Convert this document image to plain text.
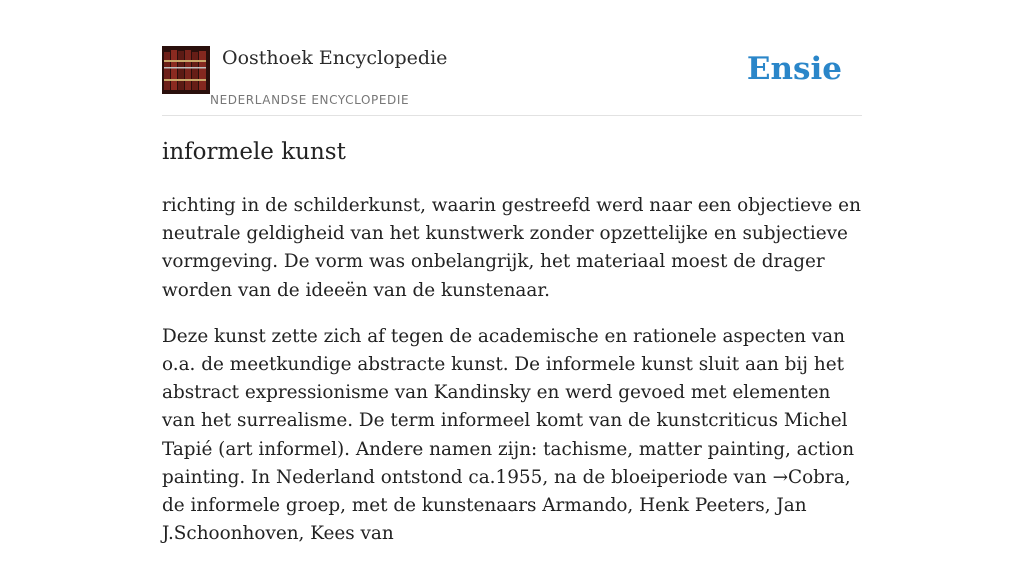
Oosthoek Encyclopedie
NEDERLANDSE ENCYCLOPEDIE
Ensie
informele kunst

richting in de schilderkunst, waarin gestreefd werd naar een objectieve en neutrale geldigheid van het kunstwerk zonder opzettelijke en subjectieve vormgeving. De vorm was onbelangrijk, het materiaal moest de drager worden van de ideeën van de kunstenaar.

Deze kunst zette zich af tegen de academische en rationele aspecten van o.a. de meetkundige abstracte kunst. De informele kunst sluit aan bij het abstract expressionisme van Kandinsky en werd gevoed met elementen van het surrealisme. De term informeel komt van de kunstcriticus Michel Tapié (art informel). Andere namen zijn: tachisme, matter painting, action painting. In Nederland ontstond ca.1955, na de bloeiperiode van →Cobra, de informele groep, met de kunstenaars Armando, Henk Peeters, Jan J.Schoonhoven, Kees van
